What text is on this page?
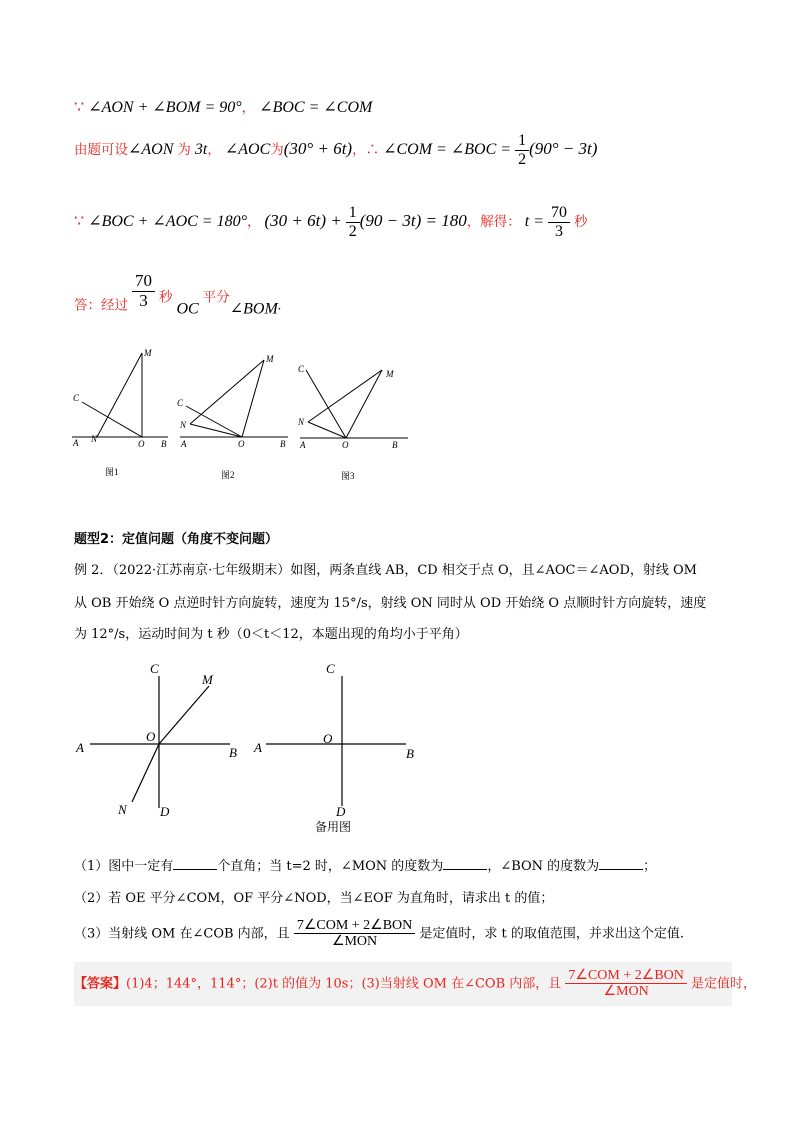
∵ ∠AON + ∠BOM = 90°， ∠BOC = ∠COM
由题可设∠AON 为 3t， ∠AOC为(30° + 6t)，∴ ∠COM = ∠BOC = $\frac{1}{2} (90^\circ - 3t)$
∵ ∠BOC + ∠AOC = 180°， $(30 + 6t) + \frac{1}{2} (90 - 3t) = 180$，解得： $t = \frac{70}{3}$ 秒
$_{答:经过} \frac{70}{3} _秒$ OC $_{平分}\angle BOM_.$
M
C
N
A	O B
M
C
N
A	O	B
M
C
N
A	O	B
图1	图2	图3
题型2：定值问题（角度不变问题）
例 2．（2022·江苏南京·七年级期末）如图，两条直线 AB，CD 相交于点 O，且∠AOC＝∠AOD，射线 OM
从 OB 开始绕 O 点逆时针方向旋转，速度为 15°/s，射线 ON 同时从 OD 开始绕 O 点顺时针方向旋转，速度
为 12°/s，运动时间为 t 秒（0＜t＜12，本题出现的角均小于平角）
C
M
A
O
B
N	D
C
A
O
B
D
备用图
（1）图中一定有	个直角；当 t=2 时，∠MON 的度数为	，∠BON 的度数为	；
（2）若 OE 平分∠COM，OF 平分∠NOD，当∠EOF 为直角时，请求出 t 的值；
（3）当射线 OM 在∠COB 内部，且 $\frac{\text{7∠COM + 2∠BON}}{\text{∠MON}}$ 是定值时，求 t 的取值范围，并求出这个定值.
【答案】(1)4；144°，114°；(2)t 的值为 10s；(3)当射线 OM 在∠COB 内部，且 $\frac{\text{7∠COM + 2∠BON}}{\text{∠MON}}$ 是定值时，
